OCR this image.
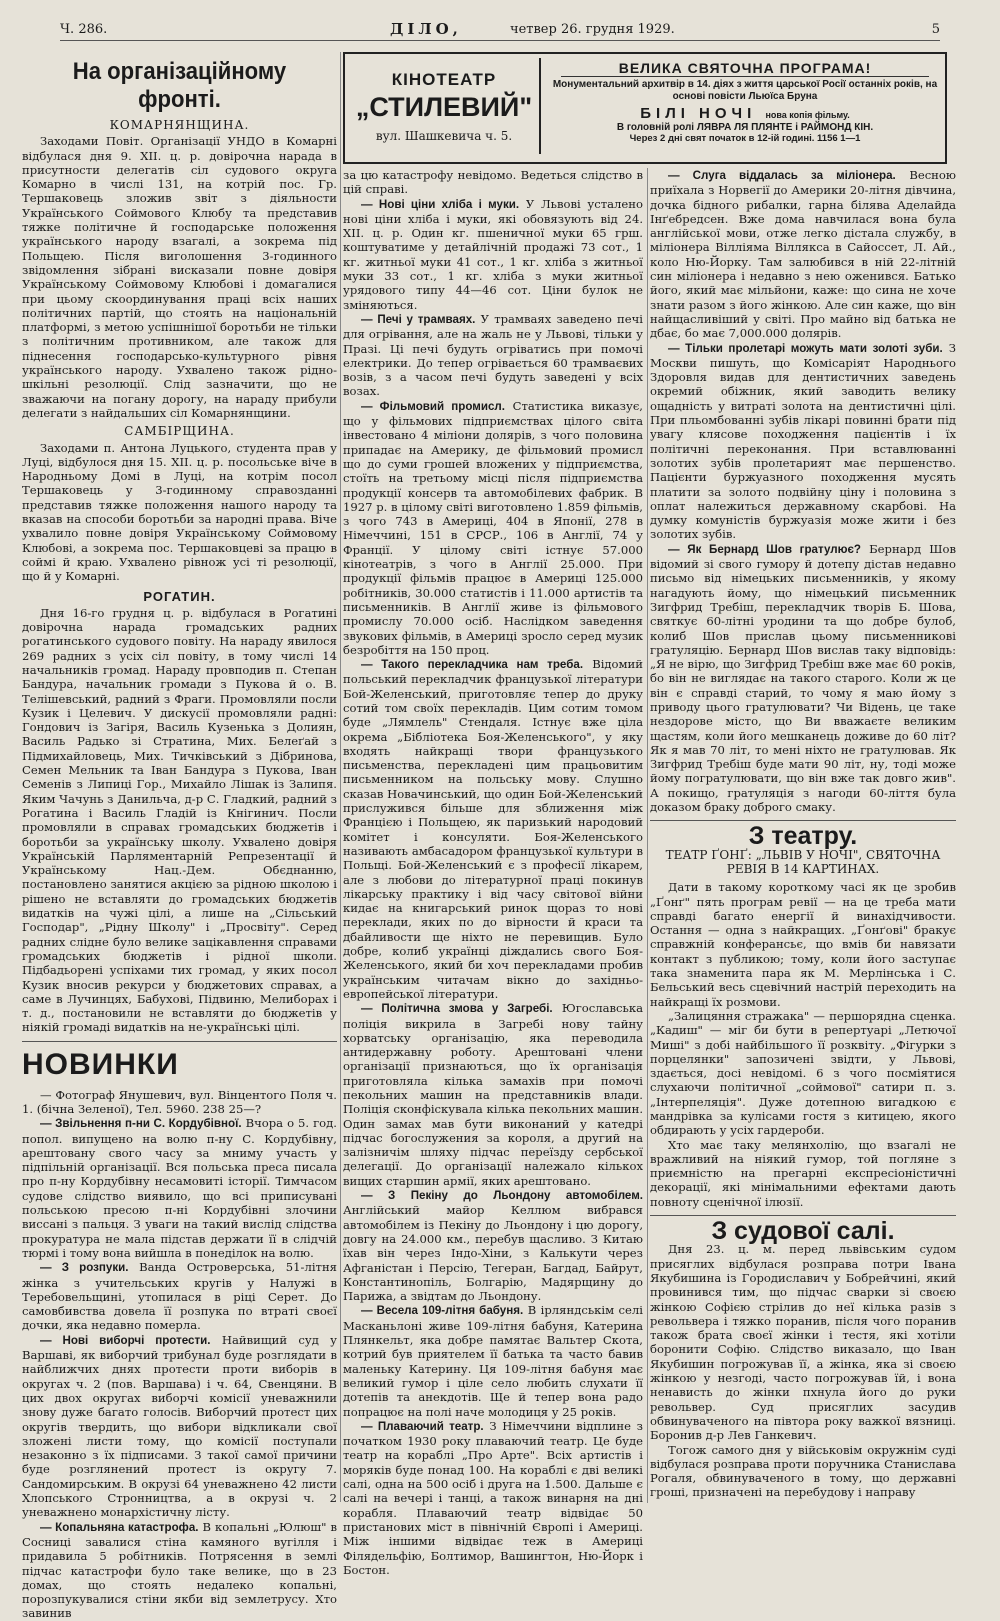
Ч. 286.	ДІЛО,	четвер 26. грудня 1929.	5
На організаційному фронті.
КОМАРНЯНЩИНА.

Заходами Повіт. Організації УНДО в Комарні відбулася дня 9. XII. ц. р. довірочна нарада в присутности делегатів сіл судового округа Комарно в числі 131, на котрій пос. Гр. Тершаковець зложив звіт з діяльности Українського Соймового Клюбу та представив тяжке політичне й господарське положення українського народу взагалі, а зокрема під Польщею. Після виголошення 3-годинного звідомлення зібрані висказали повне довіря Українському Соймовому Клюбові і домагалися при цьому скоординування праці всіх наших політичних партій, що стоять на національній платформі, з метою успішнішої боротьби не тільки з політичним противником, але також для піднесення господарсько-культурного рівня українського народу. Ухвалено також рідно-шкільні резолюції. Слід зазначити, що не зважаючи на погану дорогу, на нараду прибули делегати з найдальших сіл Комарнянщини.

САМБІРЩИНА.

Заходами п. Антона Луцького, студента прав у Луці, відбулося дня 15. XII. ц. р. посольське віче в Народньому Домі в Луці, на котрім посол Тершаковець у 3-годинному справозданні представив тяжке положення нашого народу та вказав на способи боротьби за народні права. Віче ухвалило повне довіря Українському Соймовому Клюбові, а зокрема пос. Тершаковцеві за працю в соймі й краю. Ухвалено рівнож усі ті резолюції, що й у Комарні.

РОГАТИН.

Дня 16-го грудня ц. р. відбулася в Рогатині довірочна нарада громадських радних рогатинського судового повіту. На нараду явилося 269 радних з усіх сіл повіту, в тому числі 14 начальників громад. Нараду провподив п. Степан Бандура, начальник громади з Пукова й о. В. Телішевський, радний з Фраги. Промовляли посли Кузик і Целевич. У дискусії промовляли радні: Гондович із Загіря, Василь Кузенька з Долиян, Василь Радько зі Стратина, Мих. Белеґай з Підмихайловець, Мих. Тичківський з Дібринова, Семен Мельник та Іван Бандура з Пукова, Іван Семенів з Липиці Гор., Михайло Лішак із Залипя. Яким Чачунь з Данильча, д-р С. Гладкий, радний з Рогатина і Василь Гладій із Кнігинич. Посли промовляли в справах громадських бюджетів і боротьби за українську школу. Ухвалено довіря Українській Парляментарній Репрезентації й Українському Нац.-Дем. Обєднанню, постановлено занятися акцією за рідною школою і рішено не вставляти до громадських бюджетів видатків на чужі цілі, а лише на „Сільський Господар", „Рідну Школу" і „Просвіту". Серед радних слідне було велике зацікавлення справами громадських бюджетів і рідної школи. Підбадьорені успіхами тих громад, у яких посол Кузик вносив рекурси у бюджетових справах, а саме в Лучинцях, Бабухові, Підвиню, Мелиборах і т. д., постановили не вставляти до бюджетів у ніякій громаді видатків на не-українські цілі.

НОВИНКИ

— Фотограф Янушевич, вул. Вінцентого Поля ч. 1. (бічна Зеленої), Тел. 5960. 238 25—?

— Звільнення п-ни С. Кордубівної. Вчора о 5. год. попол. випущено на волю п-ну С. Кордубівну, арештовану свого часу за мниму участь у підпільній організації. Вся польська преса писала про п-ну Кордубівну несамовиті історії. Тимчасом судове слідство виявило, що всі приписувані польською пресою п-ні Кордубівні злочини виссані з пальця. З уваги на такий вислід слідства прокуратура не мала підстав держати її в слідчій тюрмі і тому вона вийшла в понеділок на волю.

— З розпуки. Ванда Островерська, 51-літня жінка з учительських кругів у Налужі в Теребовельщині, утопилася в ріці Серет. До самовбивства довела її розпука по втраті своєї дочки, яка недавно померла.

— Нові виборчі протести. Найвищий суд у Варшаві, як виборчий трибунал буде розглядати в найближчих днях протести проти виборів в округах ч. 2 (пов. Варшава) і ч. 64, Свенцяни. В цих двох округах виборчі комісії уневажнили знову дуже багато голосів. Виборчий протест цих округів твердить, що вибори відкликали свої зложені листи тому, що комісії поступали незаконно з їх підписами. З такої самої причини буде розглянений протест із округу 7. Сандомирським. В окрузі 64 уневажнено 42 листи Хлопського Стронництва, а в окрузі ч. 2 уневажнено монархістичну лісту.

— Копальняна катастрофа. В копальні „Юлюш" в Сосниці завалися стіна камяного вугілля і придавила 5 робітників. Потрясення в землі підчас катастрофи було таке велике, що в 23 домах, що стоять недалеко копальні, порозпукувалися стіни якби від землетрусу. Хто завинив

КІНОТЕАТР
„СТИЛЕВИЙ"
вул. Шашкевича ч. 5.
ВЕЛИКА СВЯТОЧНА ПРОГРАМА!
Монументальний архитвір в 14. діях з життя царської Росії останніх років, на основі повісти Льюїса Бруна
БІЛІ НОЧІ нова копія фільму.
В головній ролі ЛЯВРА ЛЯ ПЛЯНТЕ і РАЙМОНД КІН.
Через 2 дні свят початок в 12-ій годині. 1156 1—1

за цю катастрофу невідомо. Ведеться слідство в цій справі.

— Нові ціни хліба і муки. У Львові усталено нові ціни хліба і муки, які обовязують від 24. XII. ц. р. Один кг. пшеничної муки 65 грш. коштуватиме у детайлічній продажі 73 сот., 1 кг. житньої муки 41 сот., 1 кг. хліба з житньої муки 33 сот., 1 кг. хліба з муки житньої урядового типу 44—46 сот. Ціни булок не зміняються.

— Печі у трамваях. У трамваях заведено печі для огрівання, але на жаль не у Львові, тільки у Празі. Ці печі будуть огріватись при помочі електрики. До тепер огрівається 60 трамваєвих возів, з а часом печі будуть заведені у всіх возах.

— Фільмовий промисл. Статистика виказує, що у фільмових підприємствах цілого світа інвестовано 4 міліони долярів, з чого половина припадає на Америку, де фільмовий промисл що до суми грошей вложених у підприємства, стоїть на третьому місці після підприємства продукції консерв та автомобілевих фабрик. В 1927 р. в цілому світі виготовлено 1.859 фільмів, з чого 743 в Америці, 404 в Японії, 278 в Німеччині, 151 в СРСР., 106 в Англії, 74 у Франції. У цілому світі істнує 57.000 кінотеатрів, з чого в Англії 25.000. При продукції фільмів працює в Америці 125.000 робітників, 30.000 статистів і 11.000 артистів та письменників. В Англії живе із фільмового промислу 70.000 осіб. Наслідком заведення звукових фільмів, в Америці зросло серед музик безробіття на 150 проц.

— Такого перекладчика нам треба. Відомий польський перекладчик французької літератури Бой-Желенський, приготовляє тепер до друку сотий том своїх перекладів. Цим сотим томом буде „Лямлель" Стендаля. Істнує вже ціла окрема „Бібліотека Боя-Желенського", у яку входять найкращі твори французького письменства, перекладені цим працьовитим письменником на польську мову. Слушно сказав Новачинський, що один Бой-Желенський прислужився більше для зближення між Францією і Польщею, як паризький народовий комітет і консуляти. Боя-Желенського називають амбасадором французької культури в Польщі. Бой-Желенський є з професії лікарем, але з любови до літературної праці покинув лікарську практику і від часу світової війни кидає на книгарський ринок щораз то нові переклади, яких по до вірности й краси та дбайливости ще ніхто не перевищив. Було добре, колиб українці діждались свого Боя-Желенського, який би хоч перекладами пробив українським читачам вікно до західньо-европейської літератури.

— Політична змова у Загребі. Югославська поліція викрила в Загребі нову тайну хорватську організацію, яка переводила антидержавну роботу. Арештовані члени організації признаються, що їх організація приготовляла кілька замахів при помочі пекольних машин на представників влади. Поліція сконфіскувала кілька пекольних машин. Один замах мав бути виконаний у катедрі підчас богослужения за короля, а другий на залізничім шляху підчас переїзду сербської делегації. До організації належало кількох вищих старшин армії, яких арештовано.

— З Пекіну до Льондону автомобілем. Англійський майор Келлюм вибрався автомобілем із Пекіну до Льондону і цю дорогу, довгу на 24.000 км., перебув щасливо. З Китаю їхав він через Індо-Хіни, з Калькути через Афганістан і Персію, Тегеран, Багдад, Байрут, Константинопіль, Болгарію, Мадярщину до Парижа, а звідтам до Льондону.

— Весела 109-літня бабуня. В ірляндськім селі Масканьлоні живе 109-літня бабуня, Катерина Плянкельт, яка добре памятає Вальтер Скота, котрий був приятелем її батька та часто бавив маленьку Катерину. Ця 109-літня бабуня має великий гумор і ціле село любить слухати її дотепів та анекдотів. Ще й тепер вона радо попрацює на полі наче молодиця у 25 років.

— Плаваючий театр. З Німеччини відплине з початком 1930 року плаваючий театр. Це буде театр на кораблі „Про Арте". Всіх артистів і моряків буде понад 100. На кораблі є дві великі салі, одна на 500 осіб і друга на 1.500. Дальше є салі на вечері і танці, а також винарня на дні корабля. Плаваючий театр відвідає 50 пристанових міст в північній Європі і Америці. Між іншими відвідає теж в Америці Філядельфію, Болтимор, Вашингтон, Ню-Йорк і Бостон.

— Слуга віддалась за міліонера. Весною приїхала з Норвегії до Америки 20-літня дівчина, дочка бідного рибалки, гарна білява Аделайда Інґебредсен. Вже дома навчилася вона була англійської мови, отже легко дістала службу, в міліонера Вілліяма Віллякса в Сайоссет, Л. Ай., коло Ню-Йорку. Там залюбився в ній 22-літній син міліонера і недавно з нею оженився. Батько його, який має мільйони, каже: що сина не хоче знати разом з його жінкою. Але син каже, що він найщасливіший у світі. Про майно від батька не дбає, бо має 7,000.000 долярів.

— Тільки пролетарі можуть мати золоті зуби. З Москви пишуть, що Комісаріят Народнього Здоровля видав для дентистичних заведень окремий обіжник, який заводить велику ощадність у витраті золота на дентистичні цілі. При пльомбованні зубів лікарі повинні брати під увагу клясове походження пацієнтів і їх політичні переконання. При вставлюванні золотих зубів пролетарият має першенство. Пацієнти буржуазного походження мусять платити за золото подвійну ціну і половина з оплат належиться державному скарбові. На думку комуністів буржуазія може жити і без золотих зубів.

— Як Бернард Шов гратулює? Бернард Шов відомий зі свого гумору й дотепу дістав недавно письмо від німецьких письменників, у якому нагадують йому, що німецький письменник Зигфрид Требіш, перекладчик творів Б. Шова, святкує 60-літні уродини та що добре булоб, колиб Шов прислав цьому письменникові гратуляцію. Бернард Шов вислав таку відповідь: „Я не вірю, що Зигфрид Требіш вже має 60 років, бо він не виглядає на такого старого. Коли ж це він є справді старий, то чому я маю йому з приводу цього гратулювати? Чи Відень, це таке нездорове місто, що Ви вважаєте великим щастям, коли його мешканець доживе до 60 літ? Як я мав 70 літ, то мені ніхто не гратулював. Як Зигфрид Требіш буде мати 90 літ, ну, тоді може йому погратулювати, що він вже так довго жив". А покищо, гратуляція з нагоди 60-ліття була доказом браку доброго смаку.

З театру.
ТЕАТР ҐОНҐ: „ЛЬВІВ У НОЧІ", СВЯТОЧНА РЕВІЯ В 14 КАРТИНАХ.

Дати в такому короткому часі як це зробив „Ґонґ" пять програм ревії — на це треба мати справді багато енергії й винахідчивости. Остання — одна з найкращих. „Ґонґові" бракує справжній конферансьє, що вмів би навязати контакт з публикою; тому, коли його заступає така знаменита пара як М. Мерлінська і С. Бельський весь сцевічний настрій переходить на найкращі їх розмови.

„Залицяння стражака" — першорядна сценка. „Кадиш" — міг би бути в репертуарі „Летючої Миші" з добі найбільшого її розквіту. „Фігурки з порцелянки" запозичені звідти, у Львові, здається, досі невідомі. 6 з чого посміятися слухаючи політичної „соймової" сатири п. з. „Інтерпеляція". Дуже дотепною вигадкою є мандрівка за кулісами гостя з китицею, якого обдирають у усіх гардероби.

Хто має таку мелянхолію, що взагалі не вражливий на ніякий гумор, той погляне з приємністю на прегарні експресіоністичні декорації, які мінімальними ефектами дають повноту сценічної ілюзії.

З судової салі.

Дня 23. ц. м. перед львівським судом присяглих відбулася розправа потри Івана Якубишина із Городиславич у Бобрейчині, який провинився тим, що підчас сварки зі своєю жінкою Софією стрілив до неї кілька разів з револьвера і тяжко поранив, після чого поранив також брата своєї жінки і тестя, які хотіли боронити Софію. Слідство виказало, що Іван Якубишин погрожував її, а жінка, яка зі своєю жінкою у незгоді, часто погрожував їй, і вона ненависть до жінки пхнула його до руки револьвер. Суд присяглих засудив обвинуваченого на півтора року важкої вязниці. Боронив д-р Лев Ганкевич.

Тогож самого дня у військовім окружнім суді відбулася розправа проти поручника Станислава Рогаля, обвинуваченого в тому, що державні гроші, призначені на перебудову і направу
